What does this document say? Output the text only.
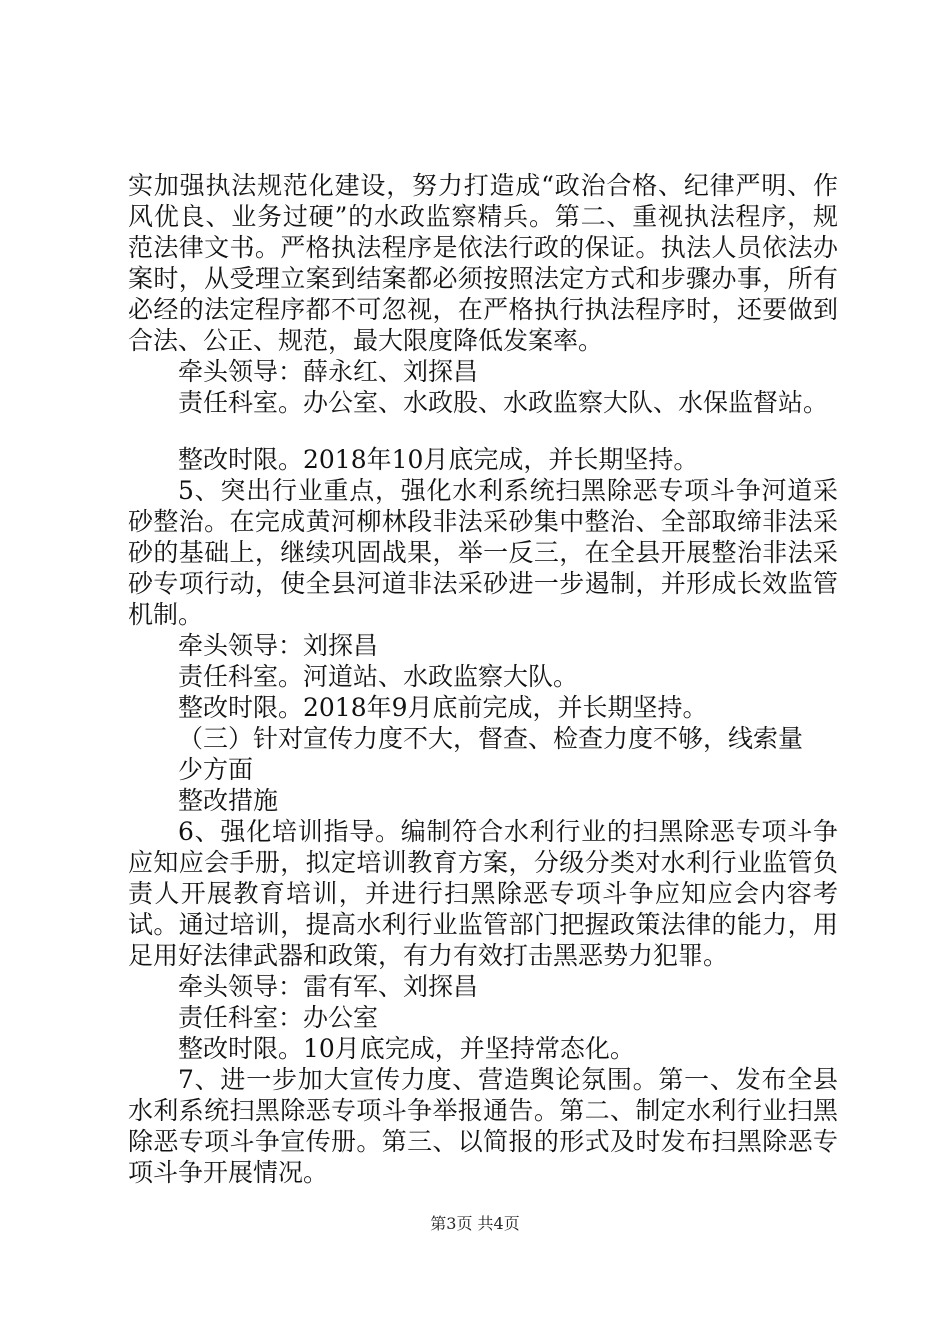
实加强执法规范化建设，努力打造成“政治合格、纪律严明、作风优良、业务过硬”的水政监察精兵。第二、重视执法程序，规范法律文书。严格执法程序是依法行政的保证。执法人员依法办案时，从受理立案到结案都必须按照法定方式和步骤办事，所有必经的法定程序都不可忽视，在严格执行执法程序时，还要做到合法、公正、规范，最大限度降低发案率。

牵头领导：薛永红、刘探昌

责任科室。办公室、水政股、水政监察大队、水保监督站。

整改时限。2018年10月底完成，并长期坚持。

5、突出行业重点，强化水利系统扫黑除恶专项斗争河道采砂整治。在完成黄河柳林段非法采砂集中整治、全部取缔非法采砂的基础上，继续巩固战果，举一反三，在全县开展整治非法采砂专项行动，使全县河道非法采砂进一步遏制，并形成长效监管机制。

牵头领导：刘探昌

责任科室。河道站、水政监察大队。

整改时限。2018年9月底前完成，并长期坚持。

（三）针对宣传力度不大，督查、检查力度不够，线索量

少方面

整改措施

6、强化培训指导。编制符合水利行业的扫黑除恶专项斗争应知应会手册，拟定培训教育方案，分级分类对水利行业监管负责人开展教育培训，并进行扫黑除恶专项斗争应知应会内容考试。通过培训，提高水利行业监管部门把握政策法律的能力，用足用好法律武器和政策，有力有效打击黑恶势力犯罪。

牵头领导：雷有军、刘探昌

责任科室：办公室

整改时限。10月底完成，并坚持常态化。

7、进一步加大宣传力度、营造舆论氛围。第一、发布全县水利系统扫黑除恶专项斗争举报通告。第二、制定水利行业扫黑除恶专项斗争宣传册。第三、以简报的形式及时发布扫黑除恶专项斗争开展情况。

第3页 共4页
